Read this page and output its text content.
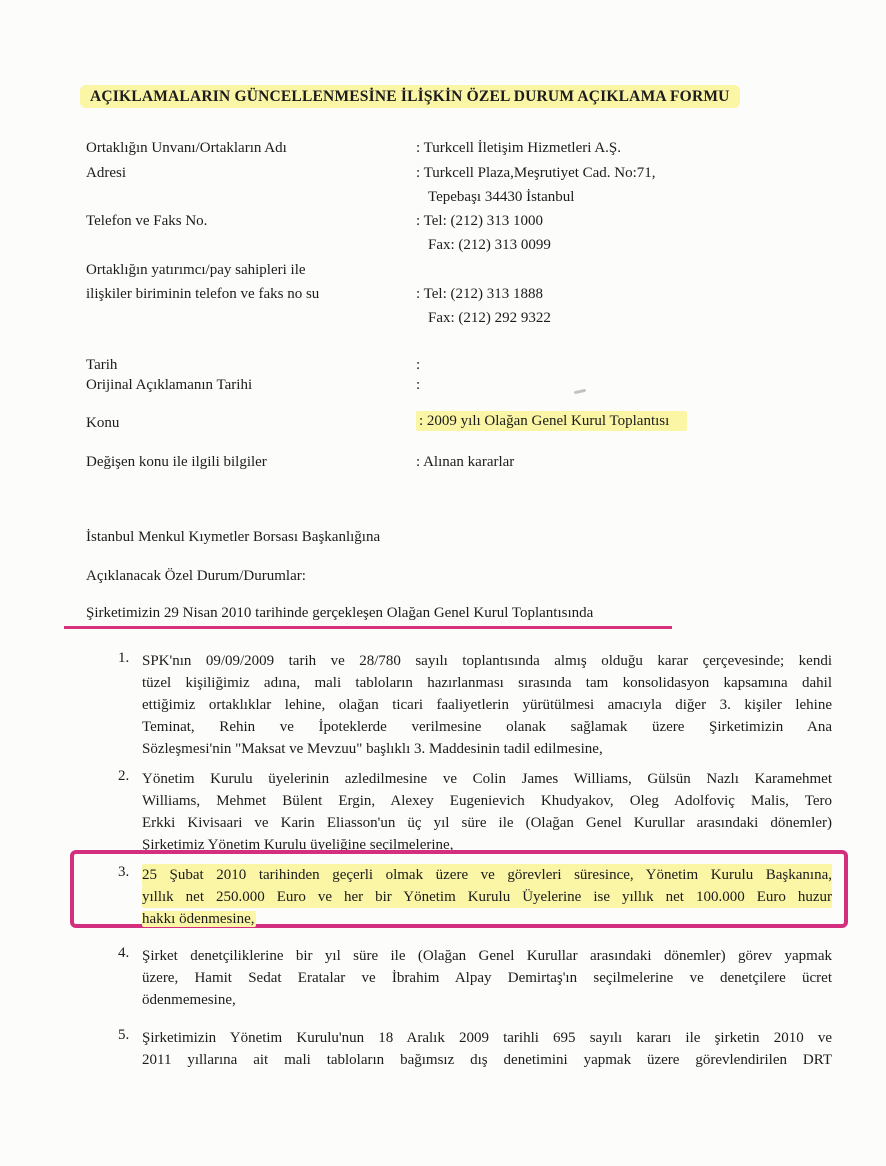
AÇIKLAMALARIN GÜNCELLENMESİNE İLİŞKİN ÖZEL DURUM AÇIKLAMA FORMU
Ortaklığın Unvanı/Ortakların Adı	: Turkcell İletişim Hizmetleri A.Ş.
Adresi	: Turkcell Plaza,Meşrutiyet Cad. No:71,
Tepebaşı 34430 İstanbul
Telefon ve Faks No.	: Tel: (212) 313 1000
Fax: (212) 313 0099
Ortaklığın yatırımcı/pay sahipleri ile
ilişkiler biriminin telefon ve faks no su	: Tel: (212) 313 1888
Fax: (212) 292 9322
Tarih	:
Orijinal Açıklamanın Tarihi	:
Konu	: 2009 yılı Olağan Genel Kurul Toplantısı
Değişen konu ile ilgili bilgiler	: Alınan kararlar
İstanbul Menkul Kıymetler Borsası Başkanlığına
Açıklanacak Özel Durum/Durumlar:
Şirketimizin 29 Nisan 2010 tarihinde gerçekleşen Olağan Genel Kurul Toplantısında
1. SPK'nın 09/09/2009 tarih ve 28/780 sayılı toplantısında almış olduğu karar çerçevesinde; kendi
tüzel kişiliğimiz adına, mali tabloların hazırlanması sırasında tam konsolidasyon kapsamına dahil
ettiğimiz ortaklıklar lehine, olağan ticari faaliyetlerin yürütülmesi amacıyla diğer 3. kişiler lehine
Teminat, Rehin ve İpoteklerde verilmesine olanak sağlamak üzere Şirketimizin Ana
Sözleşmesi'nin "Maksat ve Mevzuu" başlıklı 3. Maddesinin tadil edilmesine,
2. Yönetim Kurulu üyelerinin azledilmesine ve Colin James Williams, Gülsün Nazlı Karamehmet
Williams, Mehmet Bülent Ergin, Alexey Eugenievich Khudyakov, Oleg Adolfoviç Malis, Tero
Erkki Kivisaari ve Karin Eliasson'un üç yıl süre ile (Olağan Genel Kurullar arasındaki dönemler)
Şirketimiz Yönetim Kurulu üyeliğine seçilmelerine,
3. 25 Şubat 2010 tarihinden geçerli olmak üzere ve görevleri süresince, Yönetim Kurulu Başkanına,
yıllık net 250.000 Euro ve her bir Yönetim Kurulu Üyelerine ise yıllık net 100.000 Euro huzur
hakkı ödenmesine,
4. Şirket denetçiliklerine bir yıl süre ile (Olağan Genel Kurullar arasındaki dönemler) görev yapmak
üzere, Hamit Sedat Eratalar ve İbrahim Alpay Demirtaş'ın seçilmelerine ve denetçilere ücret
ödenmemesine,
5. Şirketimizin Yönetim Kurulu'nun 18 Aralık 2009 tarihli 695 sayılı kararı ile şirketin 2010 ve
2011 yıllarına ait mali tabloların bağımsız dış denetimini yapmak üzere görevlendirilen DRT
